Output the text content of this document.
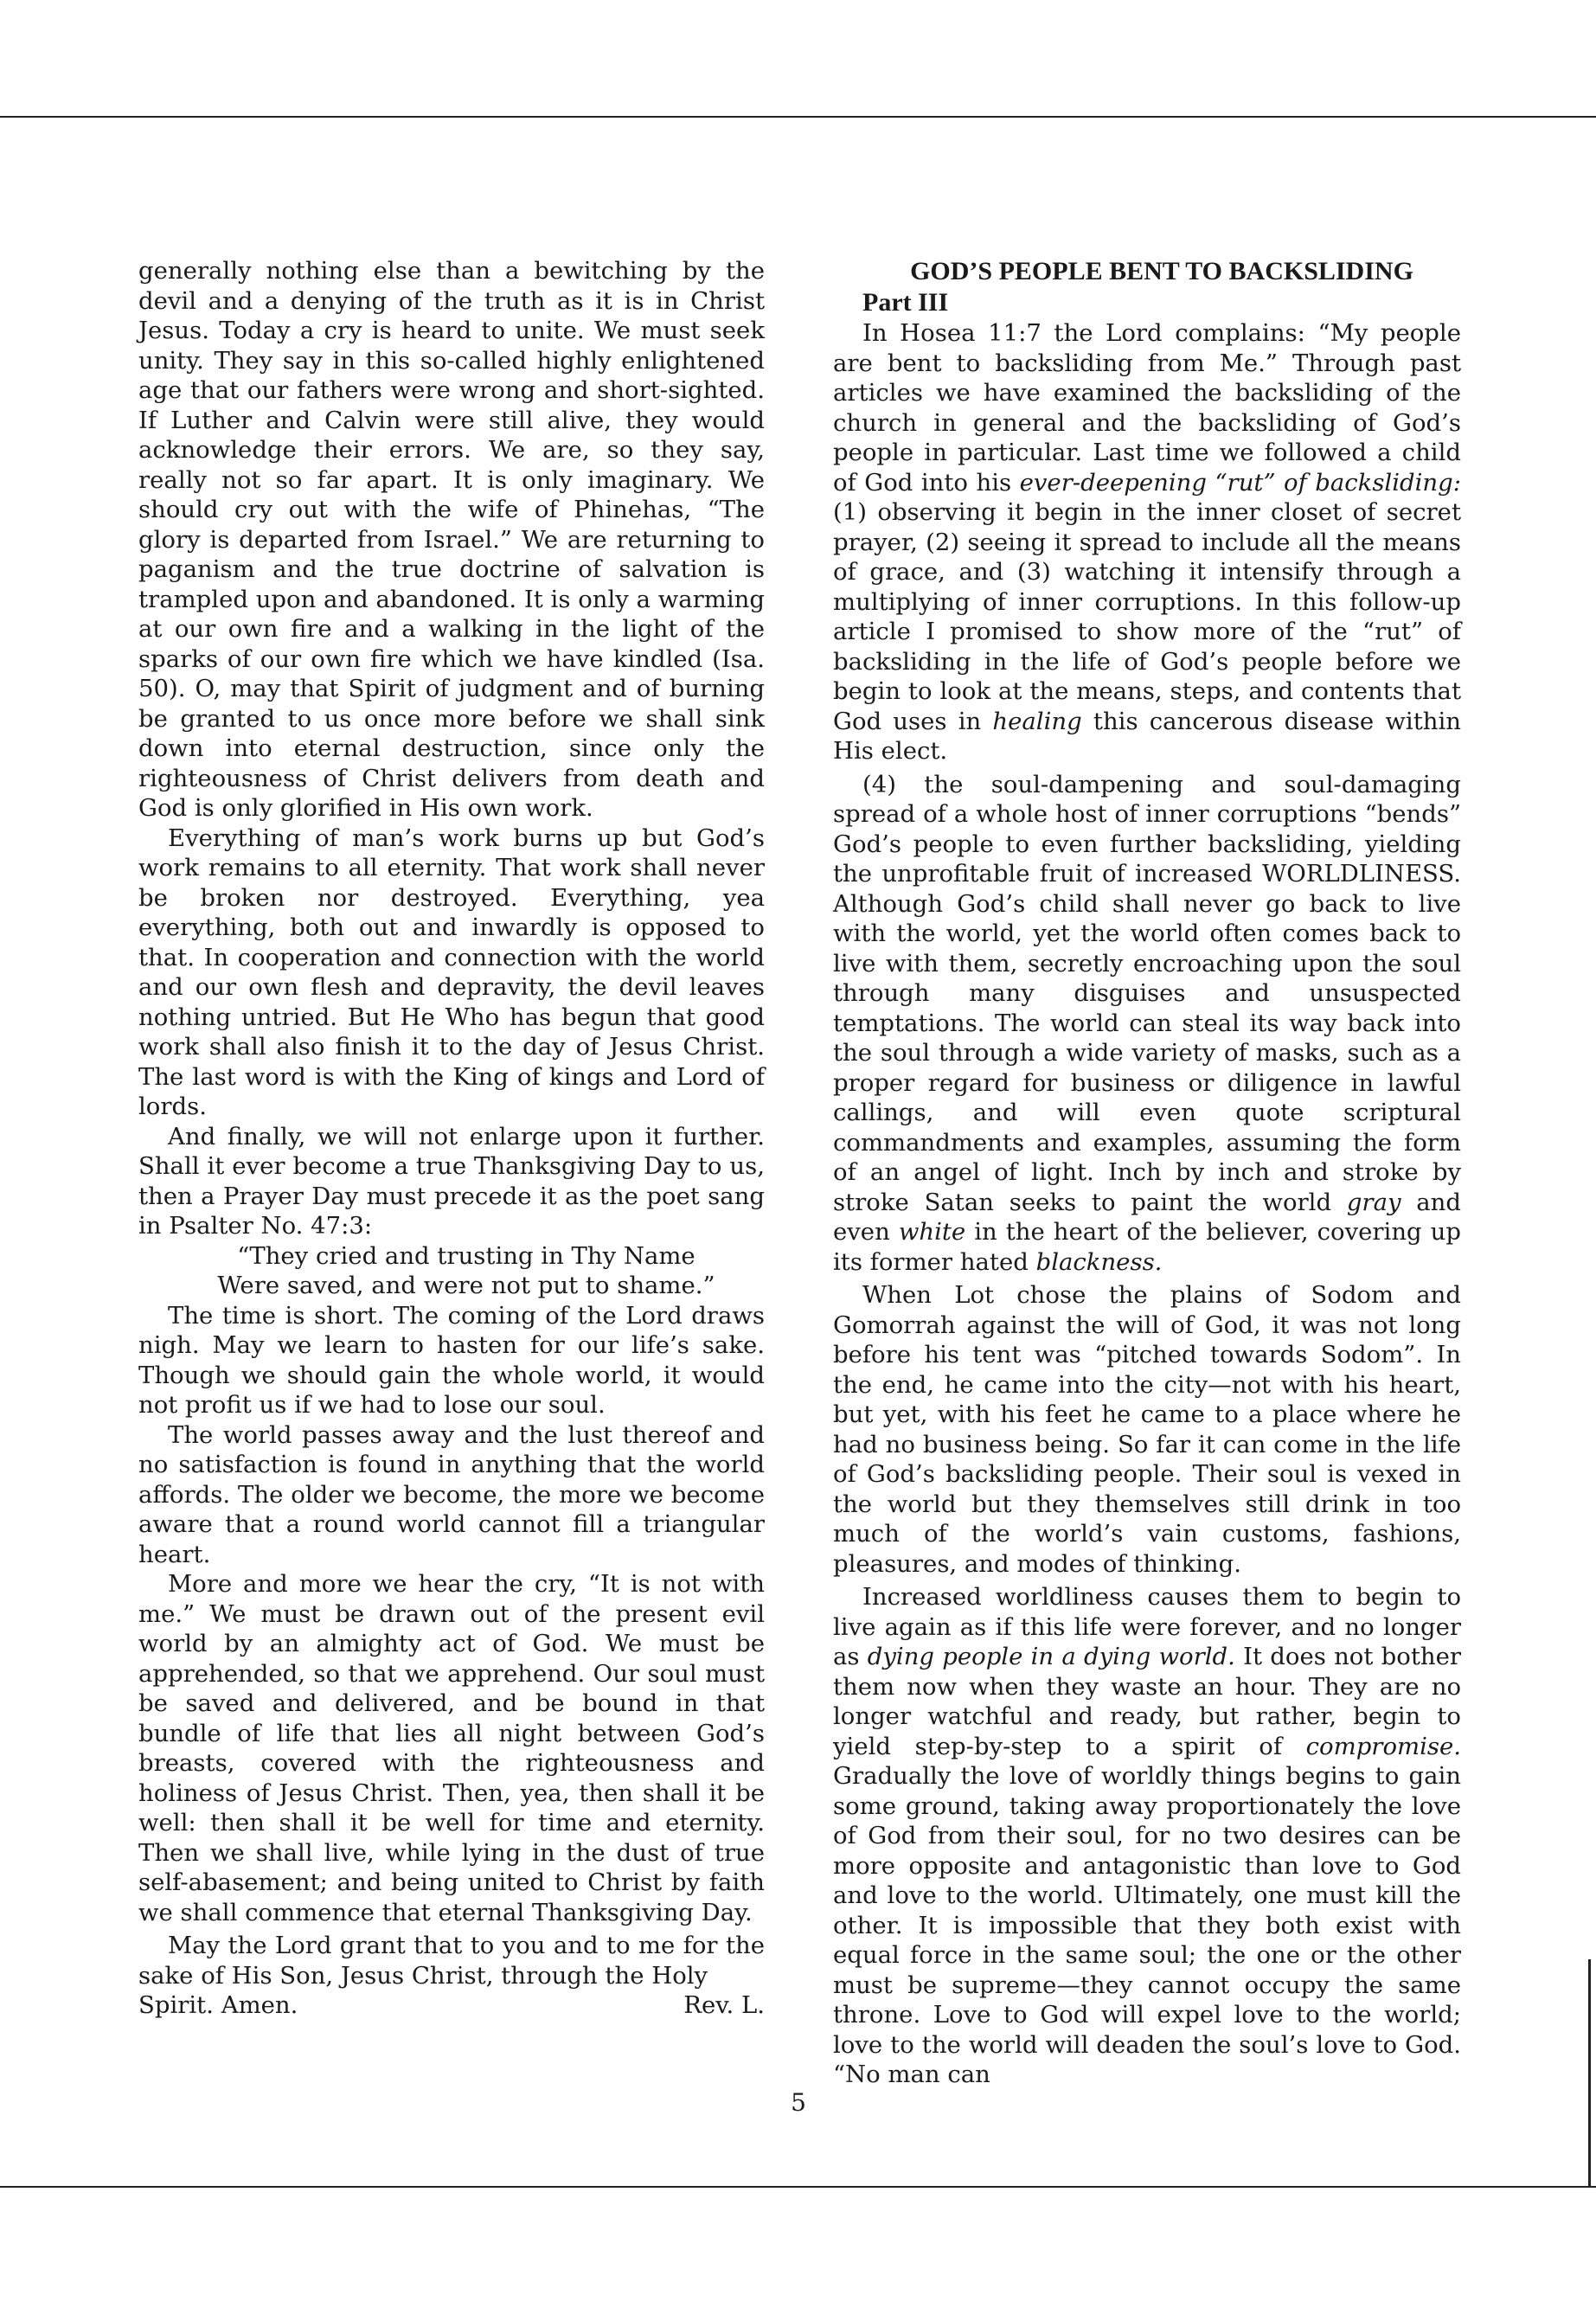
generally nothing else than a bewitching by the devil and a denying of the truth as it is in Christ Jesus. Today a cry is heard to unite. We must seek unity. They say in this so-called highly enlightened age that our fathers were wrong and short-sighted. If Luther and Calvin were still alive, they would acknowledge their errors. We are, so they say, really not so far apart. It is only imaginary. We should cry out with the wife of Phinehas, “The glory is departed from Israel.” We are returning to paganism and the true doctrine of salvation is trampled upon and abandoned. It is only a warming at our own fire and a walking in the light of the sparks of our own fire which we have kindled (Isa. 50). O, may that Spirit of judgment and of burning be granted to us once more before we shall sink down into eternal destruction, since only the righteousness of Christ delivers from death and God is only glorified in His own work.

Everything of man’s work burns up but God’s work remains to all eternity. That work shall never be broken nor destroyed. Everything, yea everything, both out and inwardly is opposed to that. In cooperation and connection with the world and our own flesh and depravity, the devil leaves nothing untried. But He Who has begun that good work shall also finish it to the day of Jesus Christ. The last word is with the King of kings and Lord of lords.

And finally, we will not enlarge upon it further. Shall it ever become a true Thanksgiving Day to us, then a Prayer Day must precede it as the poet sang in Psalter No. 47:3:

“They cried and trusting in Thy Name

Were saved, and were not put to shame.”

The time is short. The coming of the Lord draws nigh. May we learn to hasten for our life’s sake. Though we should gain the whole world, it would not profit us if we had to lose our soul.

The world passes away and the lust thereof and no satisfaction is found in anything that the world affords. The older we become, the more we become aware that a round world cannot fill a triangular heart.

More and more we hear the cry, “It is not with me.” We must be drawn out of the present evil world by an almighty act of God. We must be apprehended, so that we apprehend. Our soul must be saved and delivered, and be bound in that bundle of life that lies all night between God’s breasts, covered with the righteousness and holiness of Jesus Christ. Then, yea, then shall it be well: then shall it be well for time and eternity. Then we shall live, while lying in the dust of true self-abasement; and being united to Christ by faith we shall commence that eternal Thanksgiving Day.

May the Lord grant that to you and to me for the sake of His Son, Jesus Christ, through the Holy

Spirit. Amen.	Rev. L.

GOD’S PEOPLE BENT TO BACKSLIDING

Part III

In Hosea 11:7 the Lord complains: “My people are bent to backsliding from Me.” Through past articles we have examined the backsliding of the church in general and the backsliding of God’s people in particular. Last time we followed a child of God into his ever-deepening “rut” of backsliding: (1) observing it begin in the inner closet of secret prayer, (2) seeing it spread to include all the means of grace, and (3) watching it intensify through a multiplying of inner corruptions. In this follow-up article I promised to show more of the “rut” of backsliding in the life of God’s people before we begin to look at the means, steps, and contents that God uses in healing this cancerous disease within His elect.

(4) the soul-dampening and soul-damaging spread of a whole host of inner corruptions “bends” God’s people to even further backsliding, yielding the unprofitable fruit of increased WORLDLINESS. Although God’s child shall never go back to live with the world, yet the world often comes back to live with them, secretly encroaching upon the soul through many disguises and unsuspected temptations. The world can steal its way back into the soul through a wide variety of masks, such as a proper regard for business or diligence in lawful callings, and will even quote scriptural commandments and examples, assuming the form of an angel of light. Inch by inch and stroke by stroke Satan seeks to paint the world gray and even white in the heart of the believer, covering up its former hated blackness.

When Lot chose the plains of Sodom and Gomorrah against the will of God, it was not long before his tent was “pitched towards Sodom”. In the end, he came into the city—not with his heart, but yet, with his feet he came to a place where he had no business being. So far it can come in the life of God’s backsliding people. Their soul is vexed in the world but they themselves still drink in too much of the world’s vain customs, fashions, pleasures, and modes of thinking.

Increased worldliness causes them to begin to live again as if this life were forever, and no longer as dying people in a dying world. It does not bother them now when they waste an hour. They are no longer watchful and ready, but rather, begin to yield step-by-step to a spirit of compromise. Gradually the love of worldly things begins to gain some ground, taking away proportionately the love of God from their soul, for no two desires can be more opposite and antagonistic than love to God and love to the world. Ultimately, one must kill the other. It is impossible that they both exist with equal force in the same soul; the one or the other must be supreme—they cannot occupy the same throne. Love to God will expel love to the world; love to the world will deaden the soul’s love to God. “No man can

5
